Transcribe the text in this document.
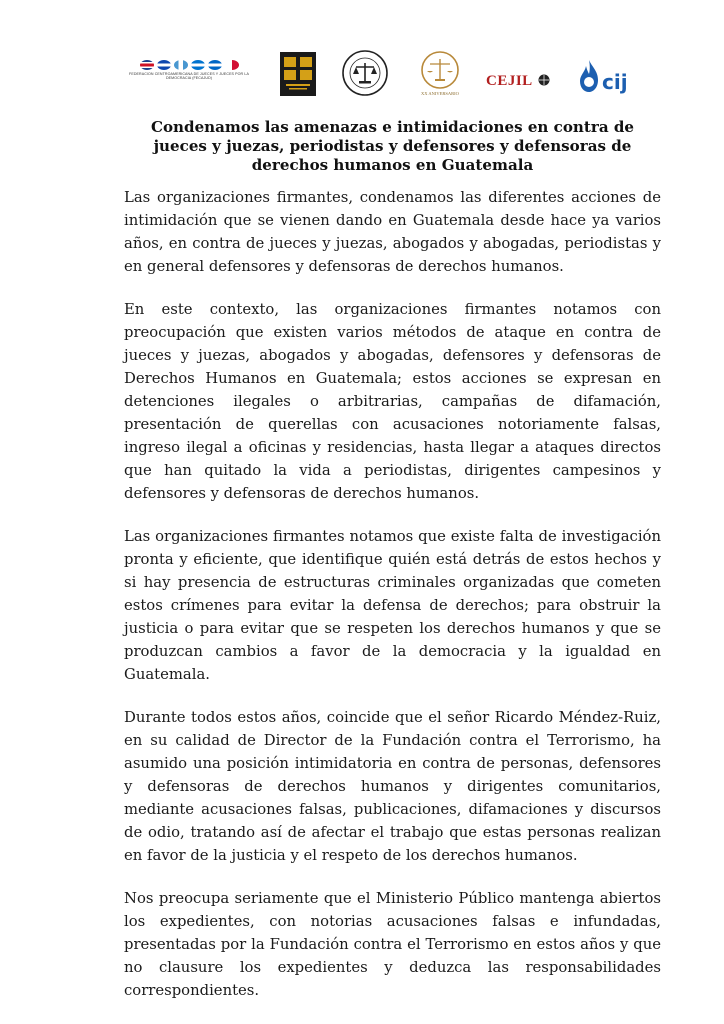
FEDERACION CENTROAMERICANA DE JUECES Y JUECES POR LA DEMOCRACIA (FECAJUD)
XX ANIVERSARIO
CEJIL	cij
Condenamos las amenazas e intimidaciones en contra de jueces y juezas, periodistas y defensores y defensoras de derechos humanos en Guatemala

Las organizaciones firmantes, condenamos las diferentes acciones de intimidación que se vienen dando en Guatemala desde hace ya varios años, en contra de jueces y juezas, abogados y abogadas, periodistas y en general defensores y defensoras de derechos humanos.

En este contexto, las organizaciones firmantes notamos con preocupación que existen varios métodos de ataque en contra de jueces y juezas, abogados y abogadas, defensores y defensoras de Derechos Humanos en Guatemala; estos acciones se expresan en detenciones ilegales o arbitrarias, campañas de difamación, presentación de querellas con acusaciones notoriamente falsas, ingreso ilegal a oficinas y residencias, hasta llegar a ataques directos que han quitado la vida a periodistas, dirigentes campesinos y defensores y defensoras de derechos humanos.

Las organizaciones firmantes notamos que existe falta de investigación pronta y eficiente, que identifique quién está detrás de estos hechos y si hay presencia de estructuras criminales organizadas que cometen estos crímenes para evitar la defensa de derechos; para obstruir la justicia o para evitar que se respeten los derechos humanos y que se produzcan cambios a favor de la democracia y la igualdad en Guatemala.

Durante todos estos años, coincide que el señor Ricardo Méndez-Ruiz, en su calidad de Director de la Fundación contra el Terrorismo, ha asumido una posición intimidatoria en contra de personas, defensores y defensoras de derechos humanos y dirigentes comunitarios, mediante acusaciones falsas, publicaciones, difamaciones y discursos de odio, tratando así de afectar el trabajo que estas personas realizan en favor de la justicia y el respeto de los derechos humanos.

Nos preocupa seriamente que el Ministerio Público mantenga abiertos los expedientes, con notorias acusaciones falsas e infundadas, presentadas por la Fundación contra el Terrorismo en estos años y que no clausure los expedientes y deduzca las responsabilidades correspondientes.
